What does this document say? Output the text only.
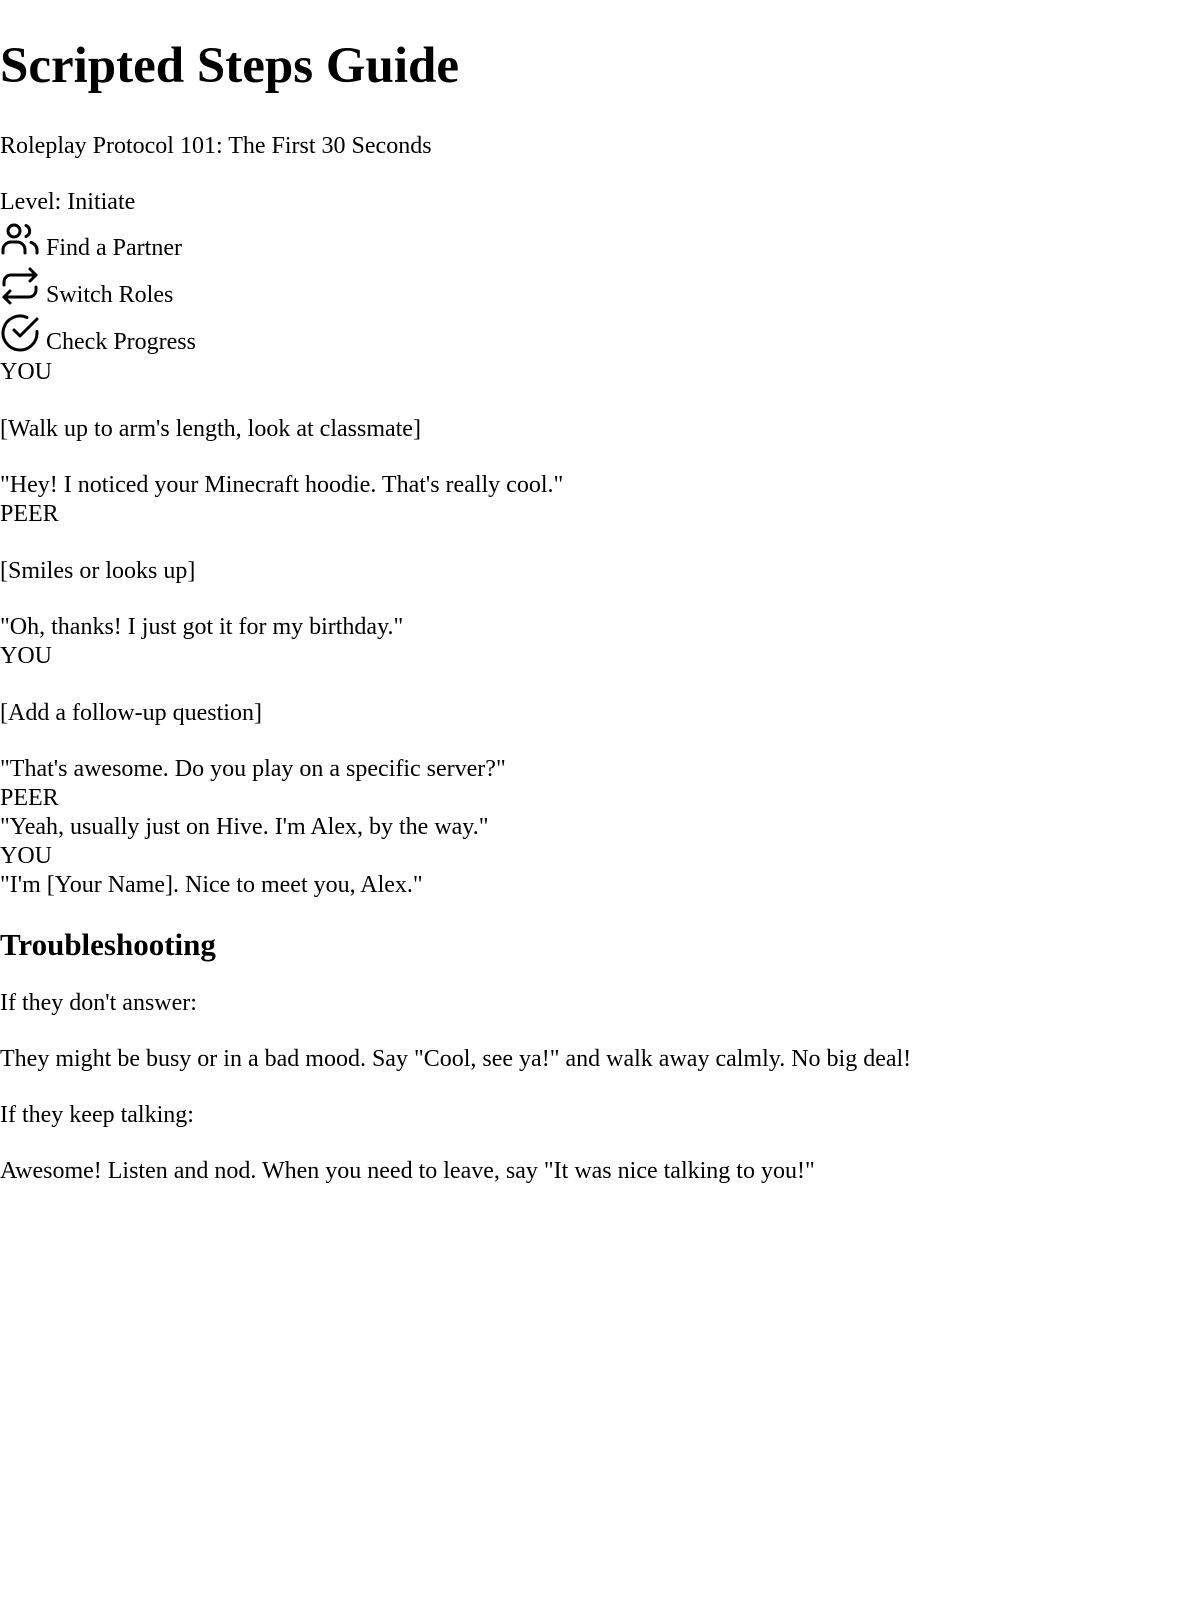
Scripted Steps Guide

Roleplay Protocol 101: The First 30 Seconds

Level: Initiate

Find a Partner
Switch Roles
Check Progress
YOU

[Walk up to arm's length, look at classmate]

"Hey! I noticed your Minecraft hoodie. That's really cool."

PEER

[Smiles or looks up]

"Oh, thanks! I just got it for my birthday."

YOU

[Add a follow-up question]

"That's awesome. Do you play on a specific server?"

PEER

"Yeah, usually just on Hive. I'm Alex, by the way."

YOU

"I'm [Your Name]. Nice to meet you, Alex."

Troubleshooting

If they don't answer:

They might be busy or in a bad mood. Say "Cool, see ya!" and walk away calmly. No big deal!

If they keep talking:

Awesome! Listen and nod. When you need to leave, say "It was nice talking to you!"
